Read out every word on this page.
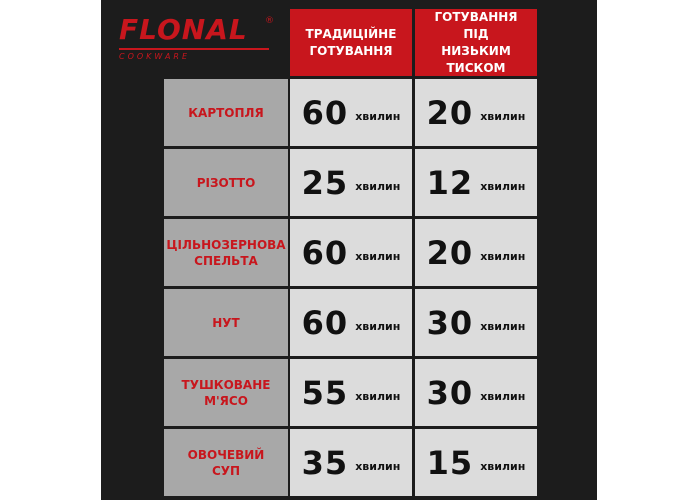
FLONAL ®
COOKWARE
ТРАДИЦІЙНЕ
ГОТУВАННЯ
ГОТУВАННЯ ПІД
НИЗЬКИМ ТИСКОМ
КАРТОПЛЯ 60 хвилин 20 хвилин
РІЗОТТО 25 хвилин 12 хвилин
ЦІЛЬНОЗЕРНОВА
СПЕЛЬТА 60 хвилин 20 хвилин
НУТ 60 хвилин 30 хвилин
ТУШКОВАНЕ
М'ЯСО 55 хвилин 30 хвилин
ОВОЧЕВИЙ
СУП 35 хвилин 15 хвилин
